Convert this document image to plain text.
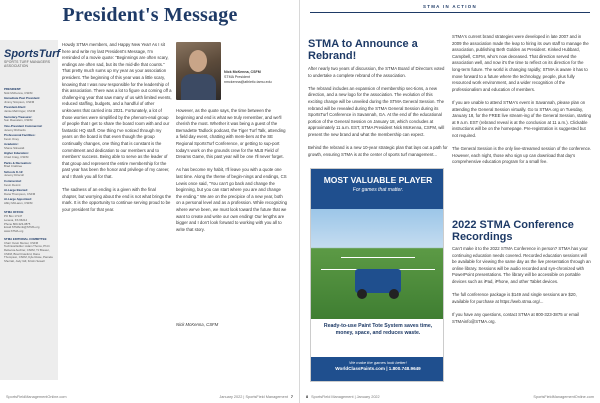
President's Message
SportsTurf
SPORTS TURF MANAGERS ASSOCIATION
PRESIDENT:
Nick McKenna, CSFM
Immediate Past President:
Jimmy Simpson, CSFM
President-Elect:
Jamie Mehringer, CSFM
Secretary-Treasurer:
Sun Roesslein, CSFM
Vice-President Commercial:
Jeremy Richards
Professional Facilities:
Kevin Oney
Academic:
Shane Stirewalt
Higher Education:
Chad Craig, CSFM
Parks & Recreation:
Brad Crabtree
Schools K-12:
Jeremy Driscoll
Commercial:
Kevin DeLint
At-Large Elected:
Dana Thompson, CSFM
At-Large Appointed:
Abby McLaren, CSFM
STMA OFFICE
PO Box 17147
Lenexa, KS 66214
Phone 800-323-3875
Email STMAinfo@STMA.org
www.STMA.org
STMA EDITORIAL COMMITTEE
Chair: Kevin Mercer, CSFM
Technical Editor: Adam Thoms, Ph.D.
Rebecca Auchter, CSFM, TJ Brewer, CSFM, Brad Crawford, Dana Thompson, CSFM, Kyle Rowe, Pamela Sherratt, Jody Gill, Kristin Sewell
Howdy STMA members, and Happy New Year! As I sit here and write my last President's Message, I'm reminded of a movie quote: "Beginnings are often scary, endings are often sad, but its the mid-dle that counts." That pretty much sums up my year as your association president. The beginning of this year was a little scary, knowing that I was now responsible for the leadership of this association. There was a lot to figure out coming off a challeng-ing year that saw many of us with limited events, reduced staffing, budgets, and a handful of other unknowns that carried into 2021. Fortunately, a lot of those worries were simplified by the phenom-enal group of people that I get to share the board room with and our fantastic HQ staff. One thing I've noticed through my years on the board is that even though the group continually changes, one thing that is constant is the commitment and dedication to our members and to members' success. Being able to serve as the leader of that group and represent the entire membership for the past year has been the honor and privilege of my career, and I thank you all for that.

The sadness of an ending is a given with the final chapter, but worrying about the end is not what brings the mark. It is the opportunity to continue serving proud to be your president for that year.
Nick McKenna, CSFM
STMA President
nmckenna@athletic.tamu.edu
However, as the quote says, the time between the beginning and end is what we truly remember, and we'll cherish the most. Whether it was being a guest of the Bernadette Tadlock podcast, the Tiger Turf Talk, attending a field day event, chatting with mem-bers at the SE Regional SportsTurf Conference, or getting to sup-port today's work on the grounds crew for the MLB Field of Dreams Game, this past year will be one I'll never forget.

As has become my habit, I'll leave you with a quote one last time. Along the theme of begin-nings and endings, CS Lewis once said, "You can't go back and change the beginning, but you can start where you are and change the ending." We are on the precipice of a new year, both on a personal level and as a profession. While recognizing where we've been, we must look toward the future that we want to create and write our own ending! Our lengths are bigger and I don't look forward to working with you all to write that story.
Nick McKenna, CSFM
SportsFieldManagementOnline.com	January 2022 | SportsField Management 7
STMA IN ACTION
STMA to Announce a Rebrand!
After nearly two years of discussion, the STMA Board of Directors voted to undertake a complete rebrand of the association.

The rebrand includes an expansion of membership sec-tions, a new direction, and a new logo for the association. The evolution of this exciting change will be unveiled during the STMA General Session. The rebrand will be revealed during the STMA General Session during its SportsTurf Conference in Savannah, GA. At the end of the educational portion of the General Session on January 18, which concludes at approximately 11 a.m. EST, STMA President Nick McKenna, CSFM, will present the new brand and what the membership can expect.

Behind the rebrand is a new 10-year strategic plan that lays out a path for growth, ensuring STMA is at the center of sports turf management...
MOST VALUABLE PLAYER
For games that matter.
Ready-to-use Paint Tote System saves time, money, space, and reduces waste.
We make the games look better!
WorldClassPaints.com | 1.800.748.9649
STMA's current brand strategies were developed in late 2007 and in 2009 the association made the leap to hiring its own staff to manage the association, publishing Beth Golden as President. Kinked Hubbard, Campbell, CSFM, who's now deceased. That direction served the association well, and now it's the time to reflect on its direction for the long-term future. The world is changing rapidly; STMA is aware it has to move forward to a future where the technology, people, plus fully resourced work environment, and a wider recognition of the professionalism and education of members.

If you are unable to attend STMA's event in Savannah, please plan on attending the General Session virtually. Go to STMA.org on Tuesday, January 18, for the FREE live stream-ing of the General Session, starting at 9 a.m. EST (rebrand reveal is at the conclusion at 11 a.m.). Clickable instructions will be on the homepage. Pre-registration is suggested but not required.

The General Session is the only live-streamed session of the conference. However, each night, those who sign up can download that day's comprehensive education program for a small fee.
2022 STMA Conference Recordings
Can't make it to the 2022 STMA Conference in person? STMA has your continuing education needs covered. Recorded education sessions will be available for viewing the same day as the live presentation through an online library. Sessions will be audio recorded and syn-chronized with PowerPoint presentations. The library will be accessible on portable devices such as iPad, iPhone, and other Tablet devices.

The full conference package is $149 and single sessions are $20, available for purchase at https://web.stma.org/...

If you have any questions, contact STMA at 800-323-3875 or email STMAinfo@STMA.org.
8 SportsField Management | January 2022	SportsFieldManagementOnline.com
